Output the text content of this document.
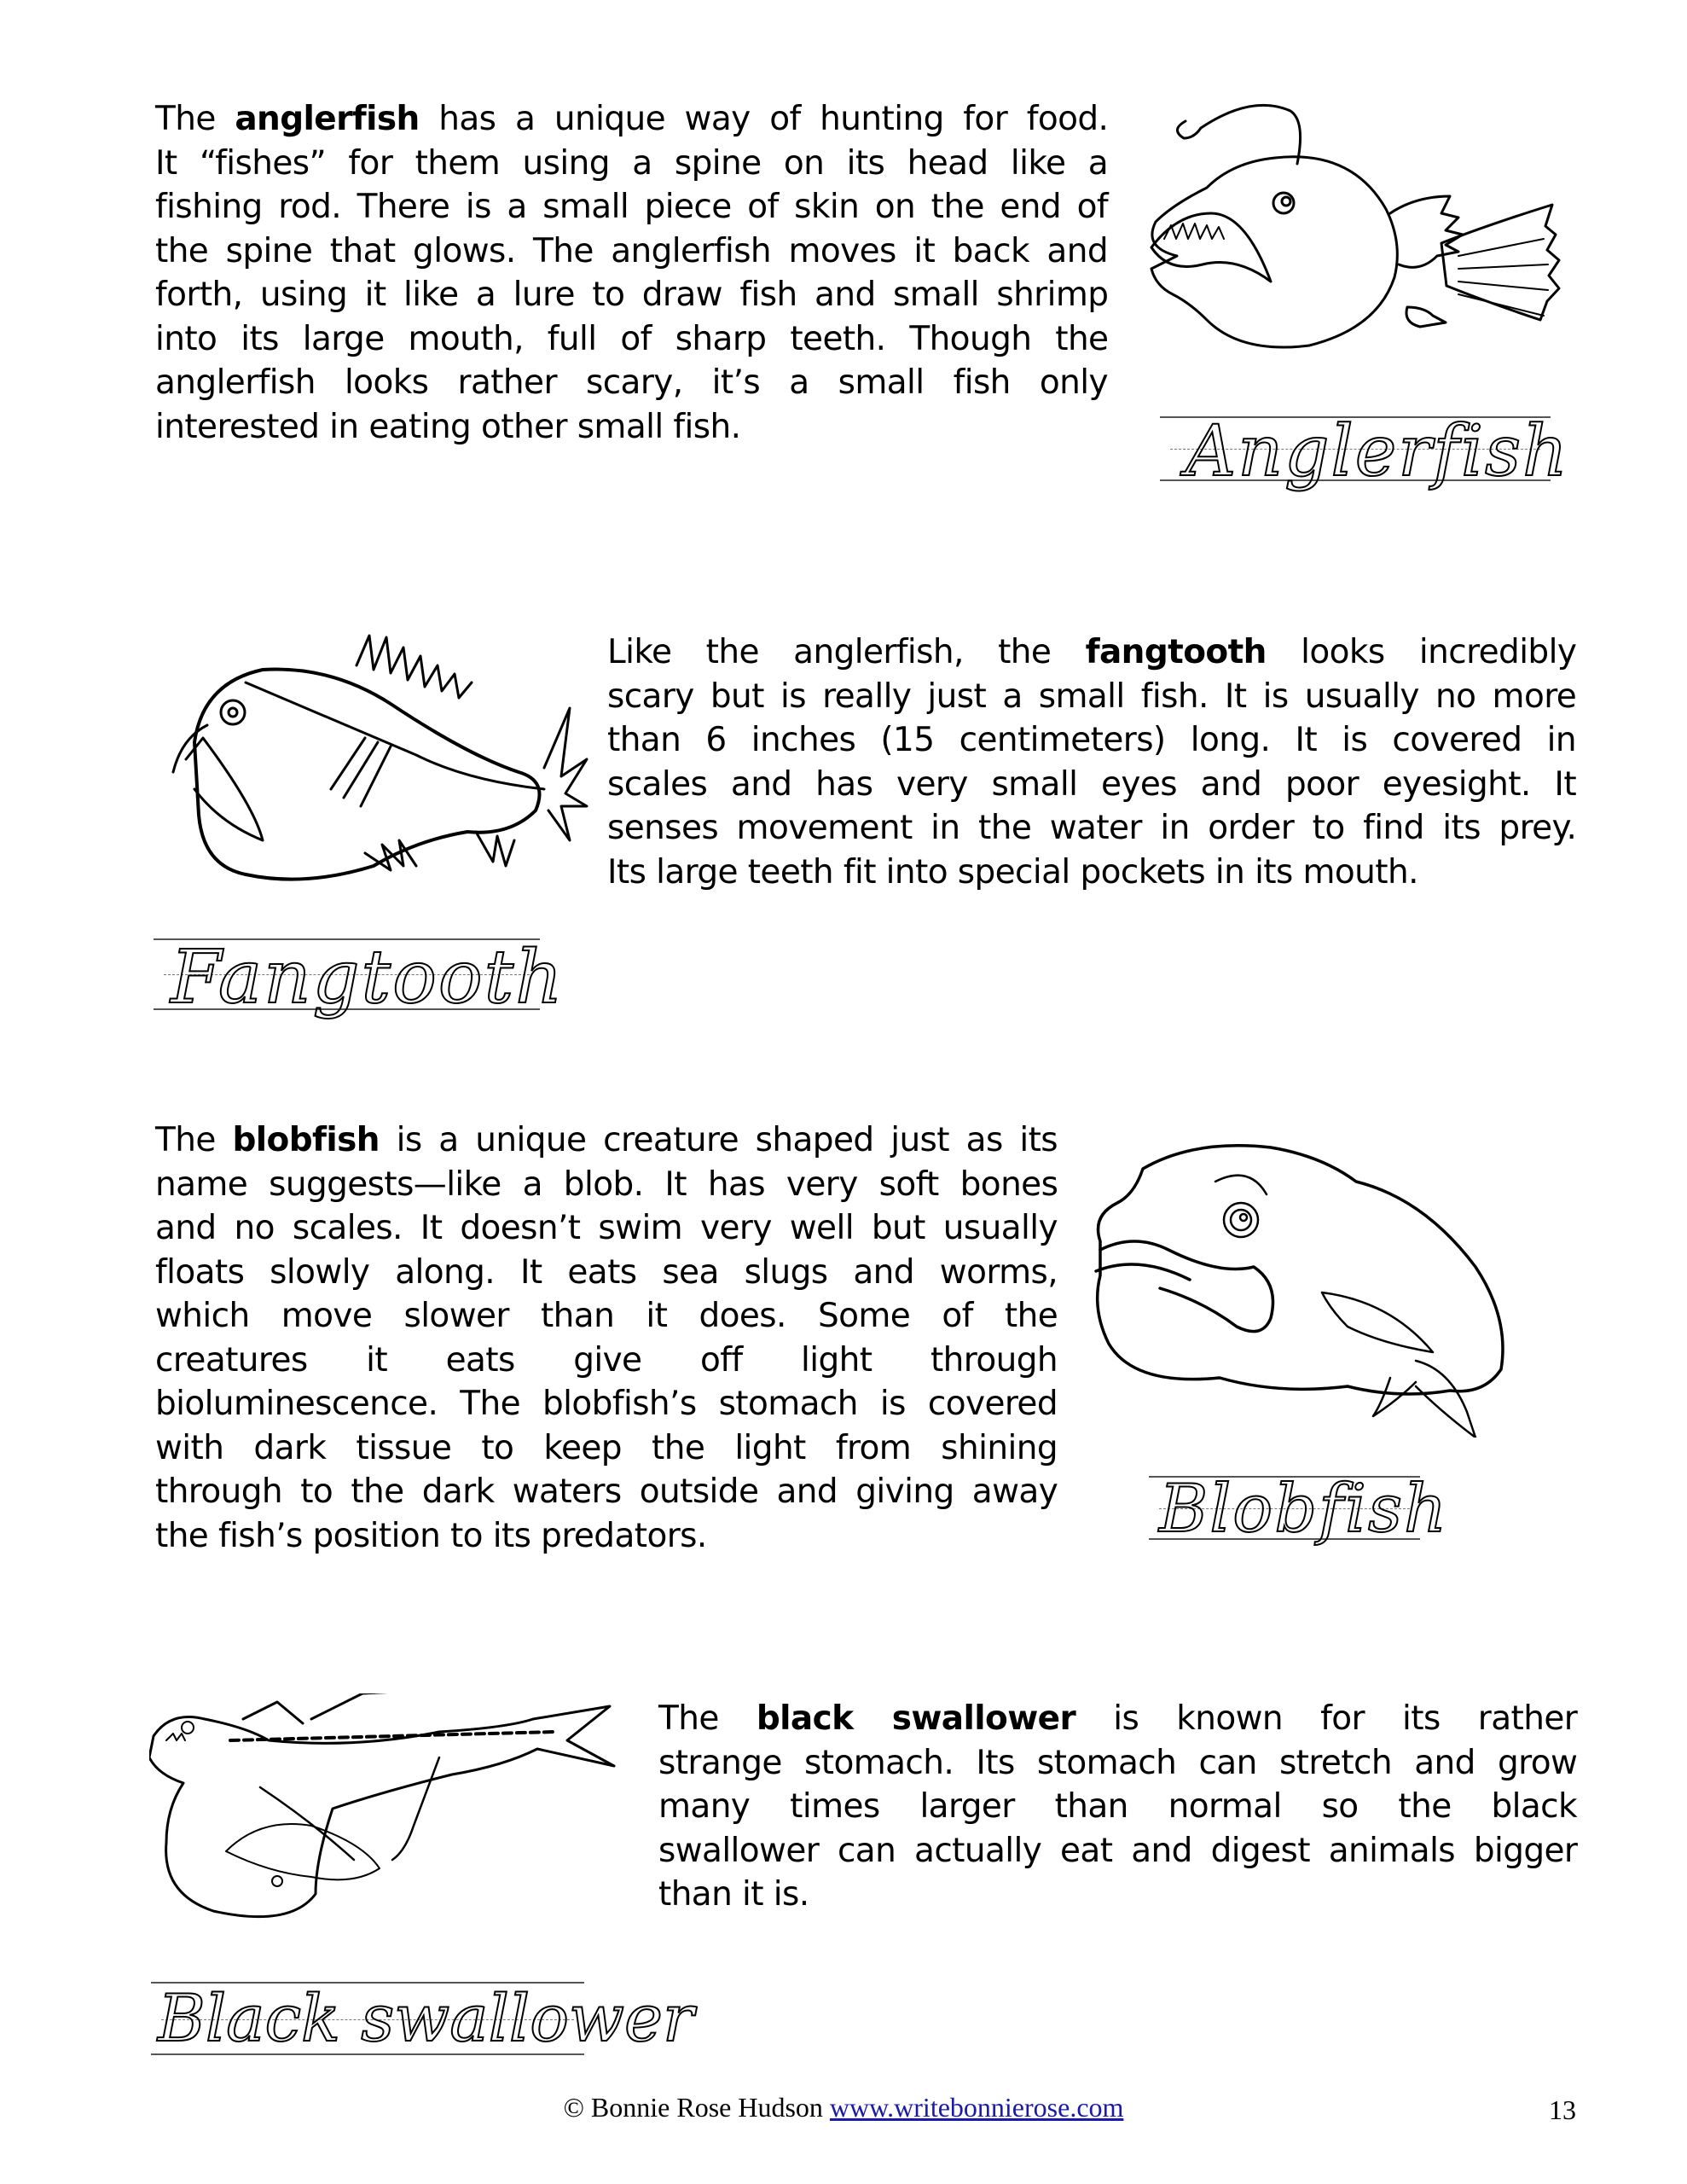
The anglerfish has a unique way of hunting for food.
It “fishes” for them using a spine on its head like a
fishing rod. There is a small piece of skin on the end of
the spine that glows. The anglerfish moves it back and
forth, using it like a lure to draw fish and small shrimp
into its large mouth, full of sharp teeth. Though the
anglerfish looks rather scary, it’s a small fish only
interested in eating other small fish.	Anglerfish
Like the anglerfish, the fangtooth looks incredibly
scary but is really just a small fish. It is usually no more
than 6 inches (15 centimeters) long. It is covered in
scales and has very small eyes and poor eyesight. It
senses movement in the water in order to find its prey.
Its large teeth fit into special pockets in its mouth.
Fangtooth
The blobfish is a unique creature shaped just as its
name suggests—like a blob. It has very soft bones
and no scales. It doesn’t swim very well but usually
floats slowly along. It eats sea slugs and worms,
which move slower than it does. Some of the
creatures it eats give off light through
bioluminescence. The blobfish’s stomach is covered
with dark tissue to keep the light from shining
through to the dark waters outside and giving away
the fish’s position to its predators.	Blobfish
The black swallower is known for its rather
strange stomach. Its stomach can stretch and grow
many times larger than normal so the black
swallower can actually eat and digest animals bigger
than it is.
Black swallower
© Bonnie Rose Hudson www.writebonnierose.com	13
